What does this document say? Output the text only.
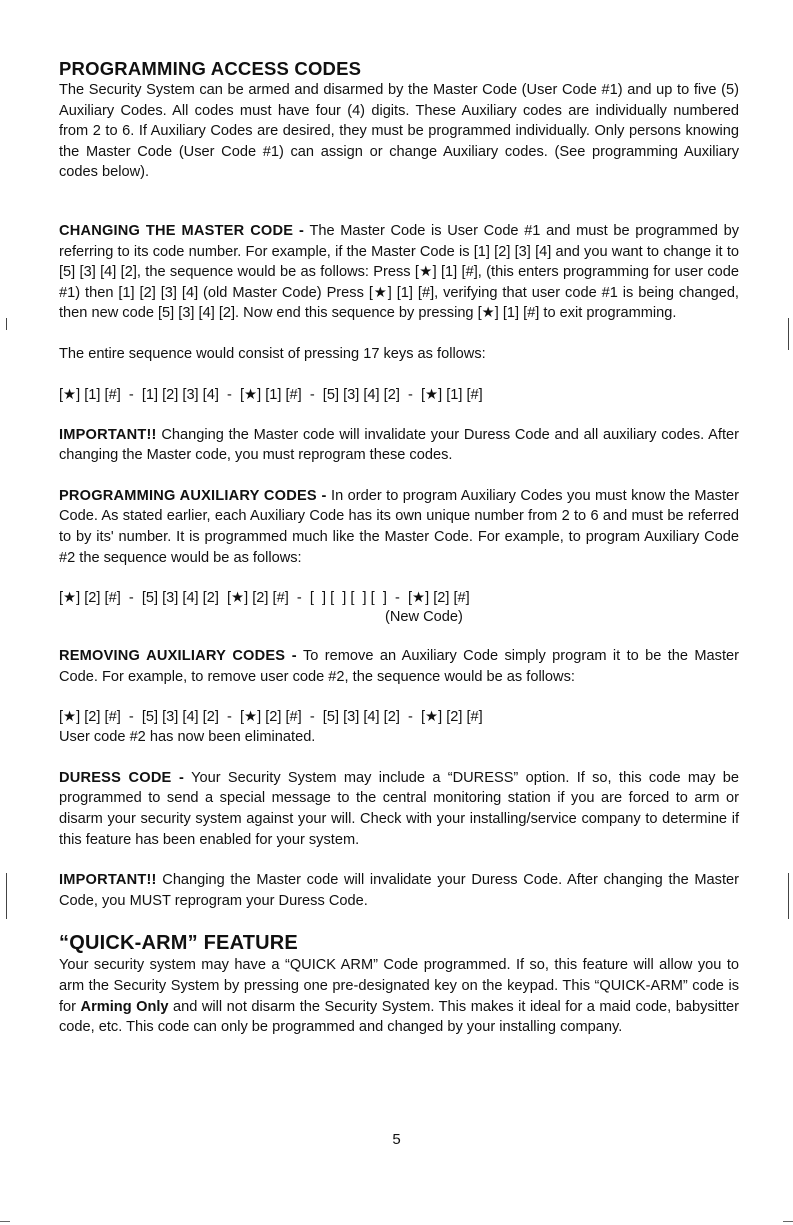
PROGRAMMING ACCESS CODES

The Security System can be armed and disarmed by the Master Code (User Code #1) and up to five (5) Auxiliary Codes. All codes must have four (4) digits. These Auxiliary codes are individually numbered from 2 to 6. If Auxiliary Codes are desired, they must be programmed individually. Only persons knowing the Master Code (User Code #1) can assign or change Auxiliary codes. (See programming Auxiliary codes below).

CHANGING THE MASTER CODE - The Master Code is User Code #1 and must be programmed by referring to its code number. For example, if the Master Code is [1] [2] [3] [4] and you want to change it to [5] [3] [4] [2], the sequence would be as follows: Press [★] [1] [#], (this enters programming for user code #1) then [1] [2] [3] [4] (old Master Code) Press [★] [1] [#], verifying that user code #1 is being changed, then new code [5] [3] [4] [2]. Now end this sequence by pressing [★] [1] [#] to exit programming.

The entire sequence would consist of pressing 17 keys as follows:

[★] [1] [#]  -  [1] [2] [3] [4]  -  [★] [1] [#]  -  [5] [3] [4] [2]  -  [★] [1] [#]

IMPORTANT!! Changing the Master code will invalidate your Duress Code and all auxiliary codes. After changing the Master code, you must reprogram these codes.

PROGRAMMING AUXILIARY CODES - In order to program Auxiliary Codes you must know the Master Code. As stated earlier, each Auxiliary Code has its own unique number from 2 to 6 and must be referred to by its' number. It is programmed much like the Master Code. For example, to program Auxiliary Code #2 the sequence would be as follows:

[★] [2] [#]  -  [5] [3] [4] [2]  [★] [2] [#]  -  [  ] [  ] [  ] [  ]  -  [★] [2] [#]
(New Code)

REMOVING AUXILIARY CODES - To remove an Auxiliary Code simply program it to be the Master Code. For example, to remove user code #2, the sequence would be as follows:

[★] [2] [#]  -  [5] [3] [4] [2]  -  [★] [2] [#]  -  [5] [3] [4] [2]  -  [★] [2] [#]

User code #2 has now been eliminated.

DURESS CODE - Your Security System may include a “DURESS” option. If so, this code may be programmed to send a special message to the central monitoring station if you are forced to arm or disarm your security system against your will. Check with your installing/service company to determine if this feature has been enabled for your system.

IMPORTANT!! Changing the Master code will invalidate your Duress Code. After changing the Master Code, you MUST reprogram your Duress Code.

“QUICK-ARM” FEATURE

Your security system may have a “QUICK ARM” Code programmed. If so, this feature will allow you to arm the Security System by pressing one pre-designated key on the keypad. This “QUICK-ARM” code is for Arming Only and will not disarm the Security System. This makes it ideal for a maid code, babysitter code, etc. This code can only be programmed and changed by your installing company.

5
